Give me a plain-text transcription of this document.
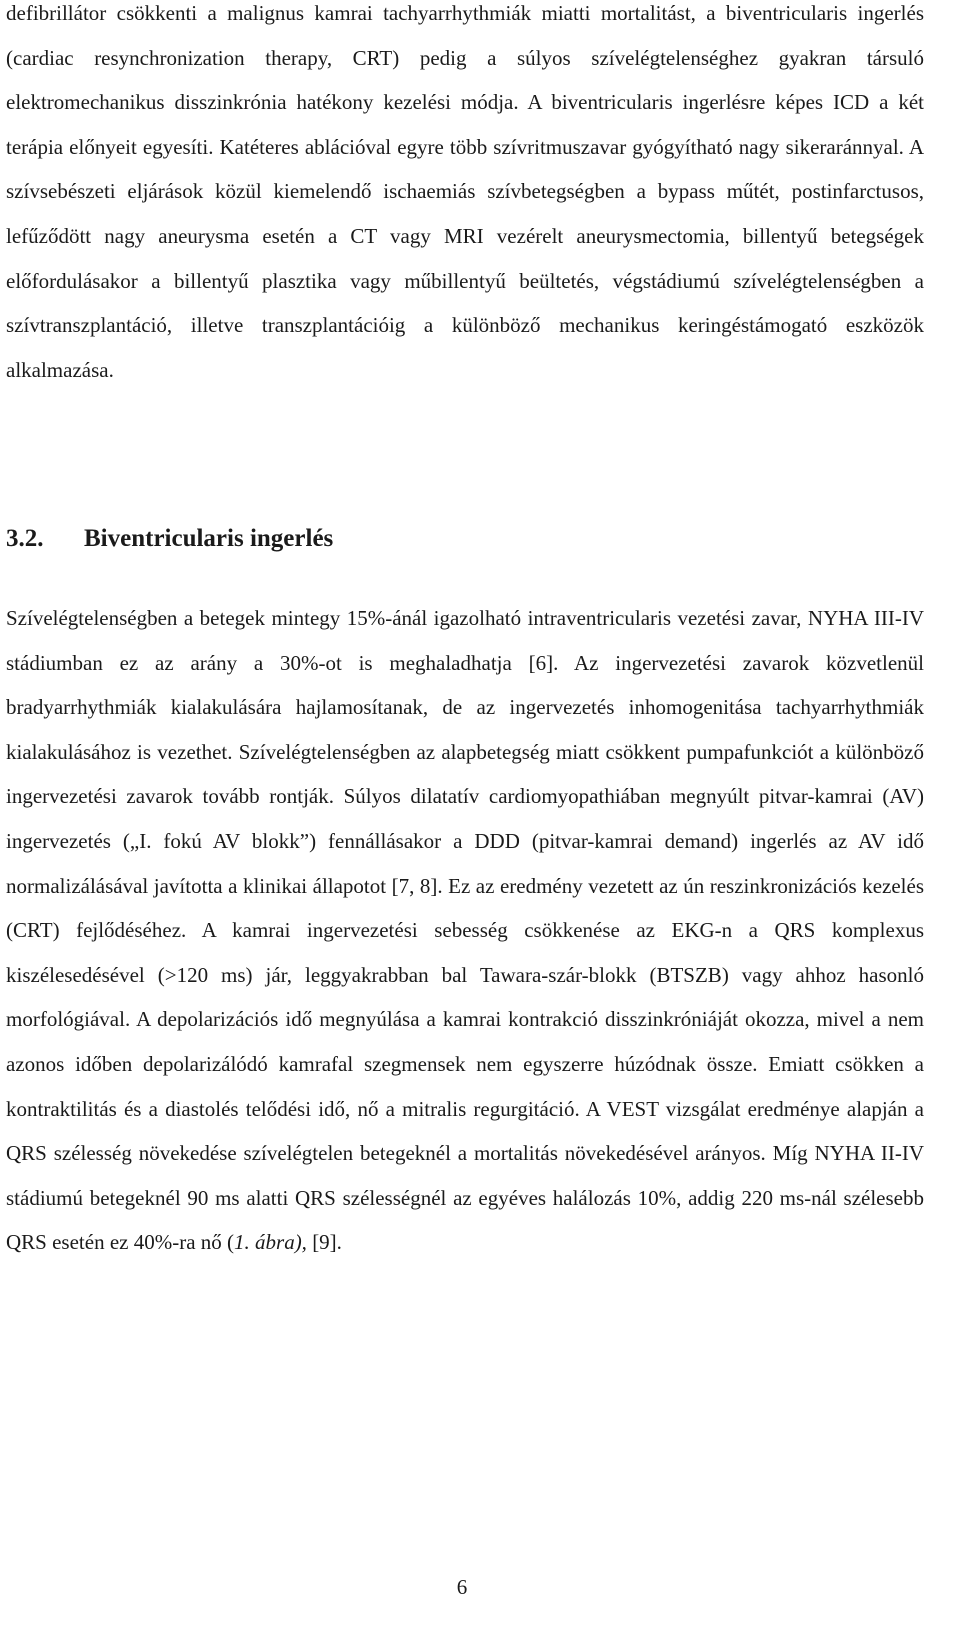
defibrillátor csökkenti a malignus kamrai tachyarrhythmiák miatti mortalitást, a biventricularis ingerlés (cardiac resynchronization therapy, CRT) pedig a súlyos szívelégtelenséghez gyakran társuló elektromechanikus disszinkrónia hatékony kezelési módja. A biventricularis ingerlésre képes ICD a két terápia előnyeit egyesíti. Katéteres ablációval egyre több szívritmuszavar gyógyítható nagy sikeraránnyal. A szívsebészeti eljárások közül kiemelendő ischaemiás szívbetegségben a bypass műtét, postinfarctusos, lefűződött nagy aneurysma esetén a CT vagy MRI vezérelt aneurysmectomia, billentyű betegségek előfordulásakor a billentyű plasztika vagy műbillentyű beültetés, végstádiumú szívelégtelenségben a szívtranszplantáció, illetve transzplantációig a különböző mechanikus keringéstámogató eszközök alkalmazása.

3.2. Biventricularis ingerlés

Szívelégtelenségben a betegek mintegy 15%-ánál igazolható intraventricularis vezetési zavar, NYHA III-IV stádiumban ez az arány a 30%-ot is meghaladhatja [6]. Az ingervezetési zavarok közvetlenül bradyarrhythmiák kialakulására hajlamosítanak, de az ingervezetés inhomogenitása tachyarrhythmiák kialakulásához is vezethet. Szívelégtelenségben az alapbetegség miatt csökkent pumpafunkciót a különböző ingervezetési zavarok tovább rontják. Súlyos dilatatív cardiomyopathiában megnyúlt pitvar-kamrai (AV) ingervezetés („I. fokú AV blokk”) fennállásakor a DDD (pitvar-kamrai demand) ingerlés az AV idő normalizálásával javította a klinikai állapotot [7, 8]. Ez az eredmény vezetett az ún reszinkronizációs kezelés (CRT) fejlődéséhez. A kamrai ingervezetési sebesség csökkenése az EKG-n a QRS komplexus kiszélesedésével (>120 ms) jár, leggyakrabban bal Tawara-szár-blokk (BTSZB) vagy ahhoz hasonló morfológiával. A depolarizációs idő megnyúlása a kamrai kontrakció disszinkróniáját okozza, mivel a nem azonos időben depolarizálódó kamrafal szegmensek nem egyszerre húzódnak össze. Emiatt csökken a kontraktilitás és a diastolés telődési idő, nő a mitralis regurgitáció. A VEST vizsgálat eredménye alapján a QRS szélesség növekedése szívelégtelen betegeknél a mortalitás növekedésével arányos. Míg NYHA II-IV stádiumú betegeknél 90 ms alatti QRS szélességnél az egyéves halálozás 10%, addig 220 ms-nál szélesebb QRS esetén ez 40%-ra nő (1. ábra), [9].

6
